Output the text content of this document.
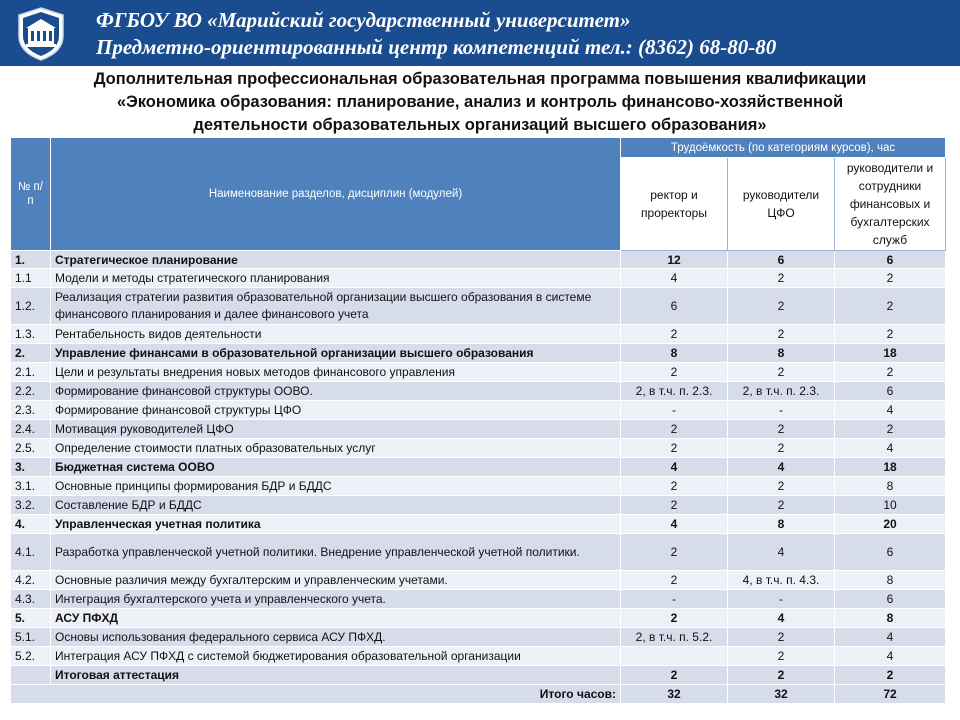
ФГБОУ ВО «Марийский государственный университет»
Предметно-ориентированный центр компетенций тел.: (8362) 68-80-80
Дополнительная профессиональная образовательная программа повышения квалификации
«Экономика образования: планирование, анализ и контроль финансово-хозяйственной
деятельности образовательных организаций высшего образования»
№ п/п	Наименование разделов, дисциплин (модулей)	Трудоёмкость (по категориям курсов), час		
		ректор и проректоры	руководители ЦФО	руководители и сотрудники финансовых и бухгалтерских служб
1.	Стратегическое планирование	12	6	6
1.1	Модели и методы стратегического планирования	4	2	2
1.2.	Реализация стратегии развития образовательной организации высшего образования в системе финансового планирования и далее финансового учета	6	2	2
1.3.	Рентабельность видов деятельности	2	2	2
2.	Управление финансами в образовательной организации высшего образования	8	8	18
2.1.	Цели и результаты внедрения новых методов финансового управления	2	2	2
2.2.	Формирование финансовой структуры ООВО.	2, в т.ч. п. 2.3.	2, в т.ч. п. 2.3.	6
2.3.	Формирование финансовой структуры ЦФО	-	-	4
2.4.	Мотивация руководителей ЦФО	2	2	2
2.5.	Определение стоимости платных образовательных услуг	2	2	4
3.	Бюджетная система ООВО	4	4	18
3.1.	Основные принципы формирования БДР и БДДС	2	2	8
3.2.	Составление БДР и БДДС	2	2	10
4.	Управленческая учетная политика	4	8	20
4.1.	Разработка управленческой учетной политики. Внедрение управленческой учетной политики.	2	4	6
4.2.	Основные различия между бухгалтерским и управленческим учетами.	2	4, в т.ч. п. 4.3.	8
4.3.	Интеграция бухгалтерского учета и управленческого учета.	-	-	6
5.	АСУ ПФХД	2	4	8
5.1.	Основы использования федерального сервиса АСУ ПФХД.	2, в т.ч. п. 5.2.	2	4
5.2.	Интеграция АСУ ПФХД с системой бюджетирования образовательной организации		2	4
	Итоговая аттестация	2	2	2
Итого часов:		32	32	72
